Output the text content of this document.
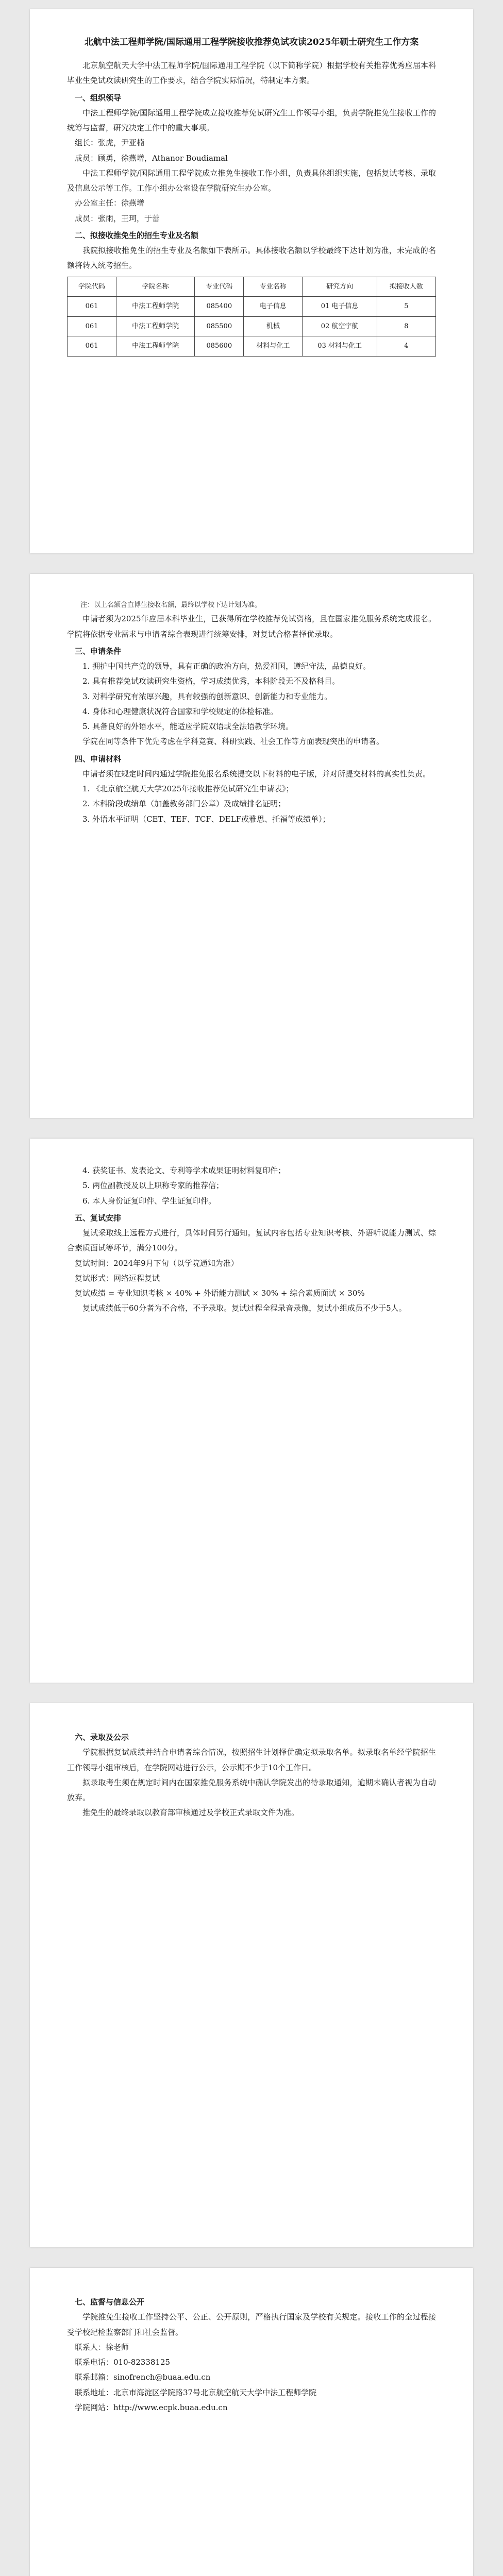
北航中法工程师学院/国际通用工程学院接收推荐免试攻读2025年硕士研究生工作方案

北京航空航天大学中法工程师学院/国际通用工程学院（以下简称学院）根据学校有关推荐优秀应届本科毕业生免试攻读研究生的工作要求，结合学院实际情况，特制定本方案。

一、组织领导

中法工程师学院/国际通用工程学院成立接收推荐免试研究生工作领导小组，负责学院推免生接收工作的统筹与监督，研究决定工作中的重大事项。

组长：张虎，尹亚楠

成员：顾勇，徐燕增，Athanor Boudiamal

中法工程师学院/国际通用工程学院成立推免生接收工作小组，负责具体组织实施，包括复试考核、录取及信息公示等工作。工作小组办公室设在学院研究生办公室。

办公室主任：徐燕增

成员：张雨，王珂，于蕾

二、拟接收推免生的招生专业及名额

我院拟接收推免生的招生专业及名额如下表所示。具体接收名额以学校最终下达计划为准，未完成的名额将转入统考招生。

学院代码	学院名称	专业代码	专业名称	研究方向	拟接收人数
061	中法工程师学院	085400	电子信息	01 电子信息	5
061	中法工程师学院	085500	机械	02 航空宇航	8
061	中法工程师学院	085600	材料与化工	03 材料与化工	4

注：以上名额含直博生接收名额，最终以学校下达计划为准。

申请者须为2025年应届本科毕业生，已获得所在学校推荐免试资格，且在国家推免服务系统完成报名。学院将依据专业需求与申请者综合表现进行统筹安排，对复试合格者择优录取。

三、申请条件

1. 拥护中国共产党的领导，具有正确的政治方向，热爱祖国，遵纪守法，品德良好。

2. 具有推荐免试攻读研究生资格，学习成绩优秀，本科阶段无不及格科目。

3. 对科学研究有浓厚兴趣，具有较强的创新意识、创新能力和专业能力。

4. 身体和心理健康状况符合国家和学校规定的体检标准。

5. 具备良好的外语水平，能适应学院双语或全法语教学环境。

学院在同等条件下优先考虑在学科竞赛、科研实践、社会工作等方面表现突出的申请者。

四、申请材料

申请者须在规定时间内通过学院推免报名系统提交以下材料的电子版，并对所提交材料的真实性负责。

1. 《北京航空航天大学2025年接收推荐免试研究生申请表》；

2. 本科阶段成绩单（加盖教务部门公章）及成绩排名证明；

3. 外语水平证明（CET、TEF、TCF、DELF或雅思、托福等成绩单）；

4. 获奖证书、发表论文、专利等学术成果证明材料复印件；

5. 两位副教授及以上职称专家的推荐信；

6. 本人身份证复印件、学生证复印件。

五、复试安排

复试采取线上远程方式进行，具体时间另行通知。复试内容包括专业知识考核、外语听说能力测试、综合素质面试等环节，满分100分。

复试时间：2024年9月下旬（以学院通知为准）

复试形式：网络远程复试

复试成绩 = 专业知识考核 × 40% + 外语能力测试 × 30% + 综合素质面试 × 30%

复试成绩低于60分者为不合格，不予录取。复试过程全程录音录像，复试小组成员不少于5人。

六、录取及公示

学院根据复试成绩并结合申请者综合情况，按照招生计划择优确定拟录取名单。拟录取名单经学院招生工作领导小组审核后，在学院网站进行公示，公示期不少于10个工作日。

拟录取考生须在规定时间内在国家推免服务系统中确认学院发出的待录取通知，逾期未确认者视为自动放弃。

推免生的最终录取以教育部审核通过及学校正式录取文件为准。

七、监督与信息公开

学院推免生接收工作坚持公平、公正、公开原则，严格执行国家及学校有关规定。接收工作的全过程接受学校纪检监察部门和社会监督。

联系人：徐老师

联系电话：010-82338125

联系邮箱：sinofrench@buaa.edu.cn

联系地址：北京市海淀区学院路37号北京航空航天大学中法工程师学院

学院网站：http://www.ecpk.buaa.edu.cn
